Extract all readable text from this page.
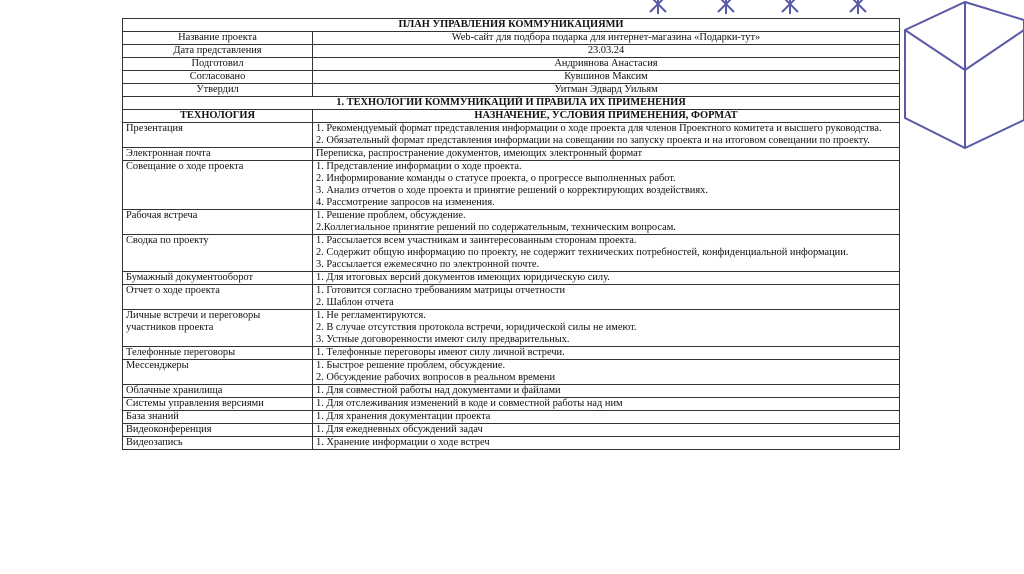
ПЛАН УПРАВЛЕНИЯ КОММУНИКАЦИЯМИ	
Название проекта	Web-сайт для подбора подарка для интернет-магазина «Подарки-тут»
Дата представления	23.03.24
Подготовил	Андриянова Анастасия
Согласовано	Кувшинов Максим
Утвердил	Уитман Эдвард Уильям
1. ТЕХНОЛОГИИ КОММУНИКАЦИЙ И ПРАВИЛА ИХ ПРИМЕНЕНИЯ	
ТЕХНОЛОГИЯ	НАЗНАЧЕНИЕ, УСЛОВИЯ ПРИМЕНЕНИЯ, ФОРМАТ
Презентация	1. Рекомендуемый формат представления информации о ходе проекта для членов Проектного комитета и высшего руководства.
2. Обязательный формат представления информации на совещании по запуску проекта и на итоговом совещании по проекту.

Электронная почта	Переписка, распространение документов, имеющих электронный формат

Совещание о ходе проекта	1. Представление информации о ходе проекта.
2. Информирование команды о статусе проекта, о прогрессе выполненных работ.
3. Анализ отчетов о ходе проекта и принятие решений о корректирующих воздействиях.
4. Рассмотрение запросов на изменения.

Рабочая встреча	1. Решение проблем, обсуждение.
2.Коллегиальное принятие решений по содержательным, техническим вопросам.

Сводка по проекту	1. Рассылается всем участникам и заинтересованным сторонам проекта.
2. Содержит общую информацию по проекту, не содержит технических потребностей, конфиденциальной информации.
3. Рассылается ежемесячно по электронной почте.

Бумажный документооборот	1. Для итоговых версий документов имеющих юридическую силу.

Отчет о ходе проекта	1. Готовится согласно требованиям матрицы отчетности
2. Шаблон отчета

Личные встречи и переговоры участников проекта	1. Не регламентируются.
2. В случае отсутствия протокола встречи, юридической силы не имеют.
3. Устные договоренности имеют силу предварительных.

Телефонные переговоры	1. Телефонные переговоры имеют силу личной встречи.

Мессенджеры	1. Быстрое решение проблем, обсуждение.
2. Обсуждение рабочих вопросов в реальном времени

Облачные хранилища	1. Для совместной работы над документами и файлами

Системы управления версиями	1. Для отслеживания изменений в коде и совместной работы над ним

База знаний	1. Для хранения документации проекта

Видеоконференция	1. Для ежедневных обсуждений задач

Видеозапись	1. Хранение информации о ходе встреч
